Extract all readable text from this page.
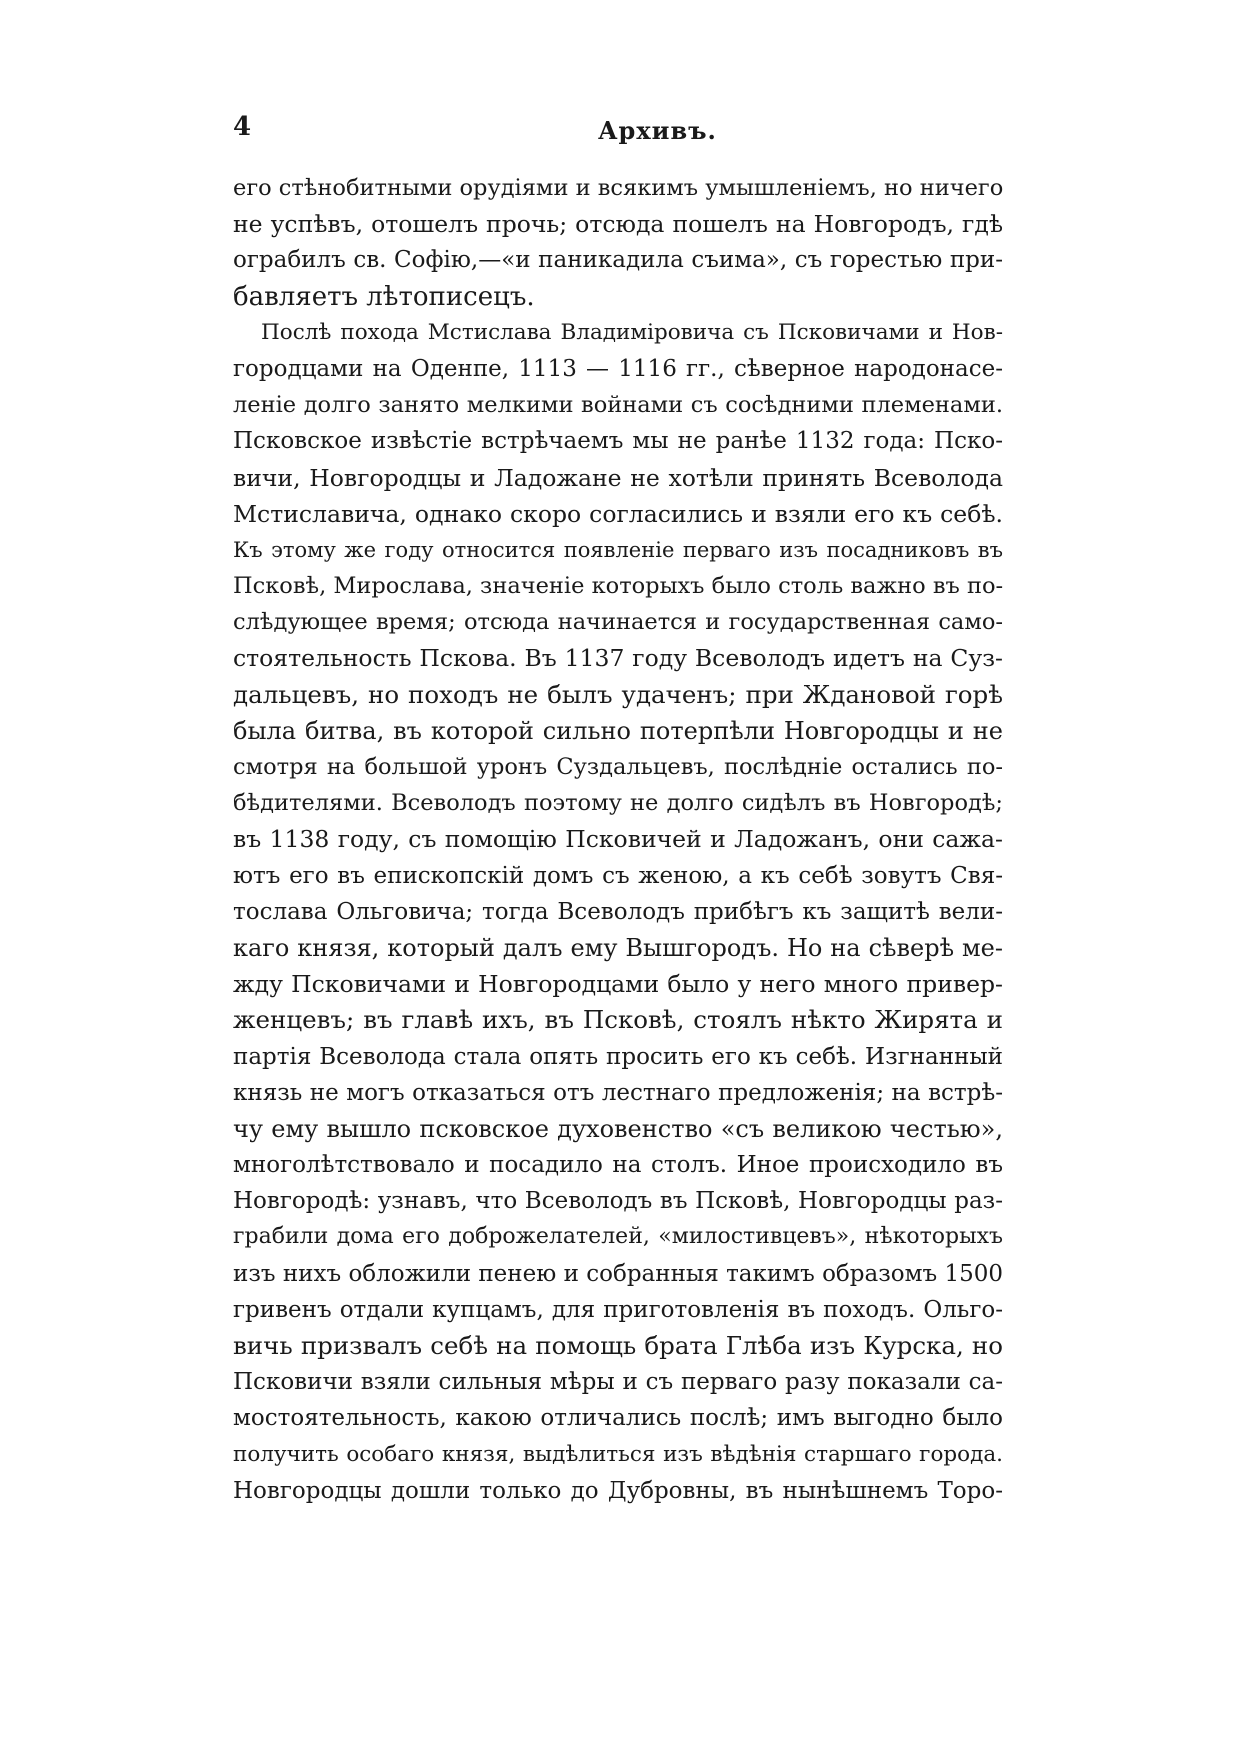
4	Архивъ.
его стѣнобитными орудіями и всякимъ умышленіемъ, но ничего
не успѣвъ, отошелъ прочь; отсюда пошелъ на Новгородъ, гдѣ
ограбилъ св. Софію,—«и паникадила съима», съ горестью при-
бавляетъ лѣтописецъ.
Послѣ похода Мстислава Владиміровича съ Псковичами и Нов-
городцами на Оденпе, 1113 — 1116 гг., сѣверное народонасе-
леніе долго занято мелкими войнами съ сосѣдними племенами.
Псковское извѣстіе встрѣчаемъ мы не ранѣе 1132 года: Пско-
вичи, Новгородцы и Ладожане не хотѣли принять Всеволода
Мстиславича, однако скоро согласились и взяли его къ себѣ.
Къ этому же году относится появленіе перваго изъ посадниковъ въ
Псковѣ, Мирослава, значеніе которыхъ было столь важно въ по-
слѣдующее время; отсюда начинается и государственная само-
стоятельность Пскова. Въ 1137 году Всеволодъ идетъ на Суз-
дальцевъ, но походъ не былъ удаченъ; при Ждановой горѣ
была битва, въ которой сильно потерпѣли Новгородцы и не
смотря на большой уронъ Суздальцевъ, послѣдніе остались по-
бѣдителями. Всеволодъ поэтому не долго сидѣлъ въ Новгородѣ;
въ 1138 году, съ помощію Псковичей и Ладожанъ, они сажа-
ютъ его въ епископскій домъ съ женою, а къ себѣ зовутъ Свя-
тослава Ольговича; тогда Всеволодъ прибѣгъ къ защитѣ вели-
каго князя, который далъ ему Вышгородъ. Но на сѣверѣ ме-
жду Псковичами и Новгородцами было у него много привер-
женцевъ; въ главѣ ихъ, въ Псковѣ, стоялъ нѣкто Жирята и
партія Всеволода стала опять просить его къ себѣ. Изгнанный
князь не могъ отказаться отъ лестнаго предложенія; на встрѣ-
чу ему вышло псковское духовенство «съ великою честью»,
многолѣтствовало и посадило на столъ. Иное происходило въ
Новгородѣ: узнавъ, что Всеволодъ въ Псковѣ, Новгородцы раз-
грабили дома его доброжелателей, «милостивцевъ», нѣкоторыхъ
изъ нихъ обложили пенею и собранныя такимъ образомъ 1500
гривенъ отдали купцамъ, для приготовленія въ походъ. Ольго-
вичь призвалъ себѣ на помощь брата Глѣба изъ Курска, но
Псковичи взяли сильныя мѣры и съ перваго разу показали са-
мостоятельность, какою отличались послѣ; имъ выгодно было
получить особаго князя, выдѣлиться изъ вѣдѣнія старшаго города.
Новгородцы дошли только до Дубровны, въ нынѣшнемъ Торо-
